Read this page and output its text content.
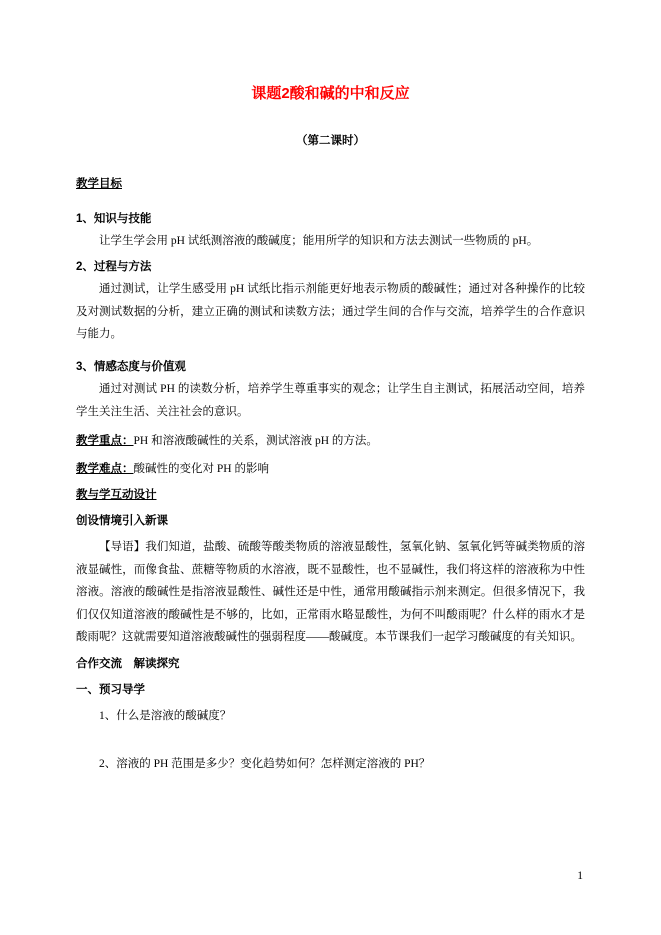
课题2酸和碱的中和反应
（第二课时）
教学目标
1、知识与技能

让学生学会用 pH 试纸测溶液的酸碱度；能用所学的知识和方法去测试一些物质的 pH。

2、过程与方法

通过测试，让学生感受用 pH 试纸比指示剂能更好地表示物质的酸碱性；通过对各种操作的比较及对测试数据的分析，建立正确的测试和读数方法；通过学生间的合作与交流，培养学生的合作意识与能力。

3、情感态度与价值观

通过对测试 PH 的读数分析，培养学生尊重事实的观念；让学生自主测试，拓展活动空间，培养学生关注生活、关注社会的意识。

教学重点：PH 和溶液酸碱性的关系，测试溶液 pH 的方法。

教学难点：酸碱性的变化对 PH 的影响

教与学互动设计
创设情境引入新课

【导语】我们知道，盐酸、硫酸等酸类物质的溶液显酸性，氢氧化钠、氢氧化钙等碱类物质的溶液显碱性，而像食盐、蔗糖等物质的水溶液，既不显酸性，也不显碱性，我们将这样的溶液称为中性溶液。溶液的酸碱性是指溶液显酸性、碱性还是中性，通常用酸碱指示剂来测定。但很多情况下，我们仅仅知道溶液的酸碱性是不够的，比如，正常雨水略显酸性，为何不叫酸雨呢？什么样的雨水才是酸雨呢？这就需要知道溶液酸碱性的强弱程度——酸碱度。本节课我们一起学习酸碱度的有关知识。

合作交流　解读探究
一、预习导学

1、什么是溶液的酸碱度？

2、溶液的 PH 范围是多少？变化趋势如何？怎样测定溶液的 PH？

1
